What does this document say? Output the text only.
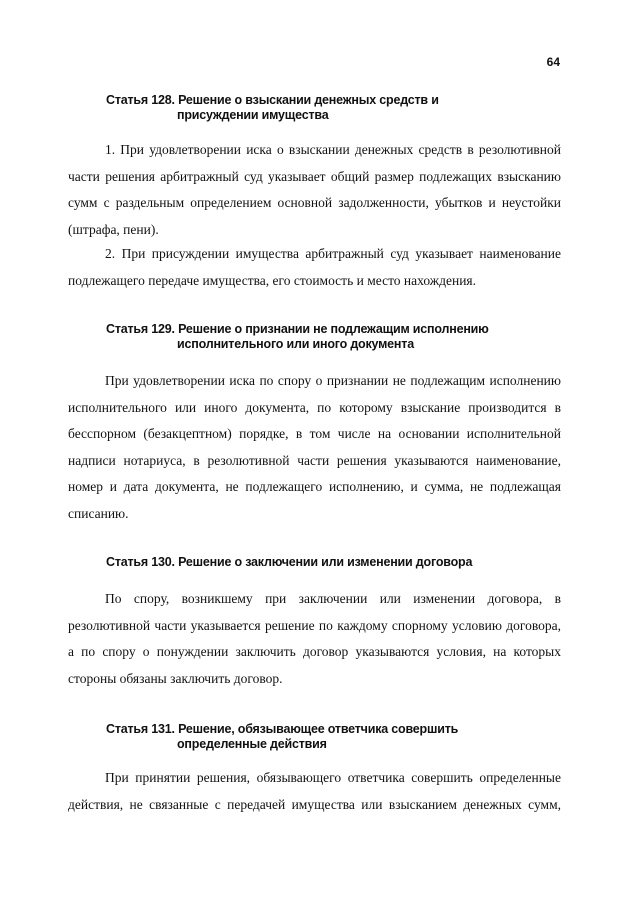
64
Статья 128. Решение о взыскании денежных средств и
присуждении имущества

1. При удовлетворении иска о взыскании денежных средств в резолютивной части решения арбитражный суд указывает общий размер подлежащих взысканию сумм с раздельным определением основной задолженности, убытков и неустойки (штрафа, пени).

2. При присуждении имущества арбитражный суд указывает наименование подлежащего передаче имущества, его стоимость и место нахождения.

Статья 129. Решение о признании не подлежащим исполнению
исполнительного или иного документа

При удовлетворении иска по спору о признании не подлежащим исполнению исполнительного или иного документа, по которому взыскание производится в бесспорном (безакцептном) порядке, в том числе на основании исполнительной надписи нотариуса, в резолютивной части решения указываются наименование, номер и дата документа, не подлежащего исполнению, и сумма, не подлежащая списанию.

Статья 130. Решение о заключении или изменении договора

По спору, возникшему при заключении или изменении договора, в резолютивной части указывается решение по каждому спорному условию договора, а по спору о понуждении заключить договор указываются условия, на которых стороны обязаны заключить договор.

Статья 131. Решение, обязывающее ответчика совершить
определенные действия

При принятии решения, обязывающего ответчика совершить определенные действия, не связанные с передачей имущества или взысканием денежных сумм,
